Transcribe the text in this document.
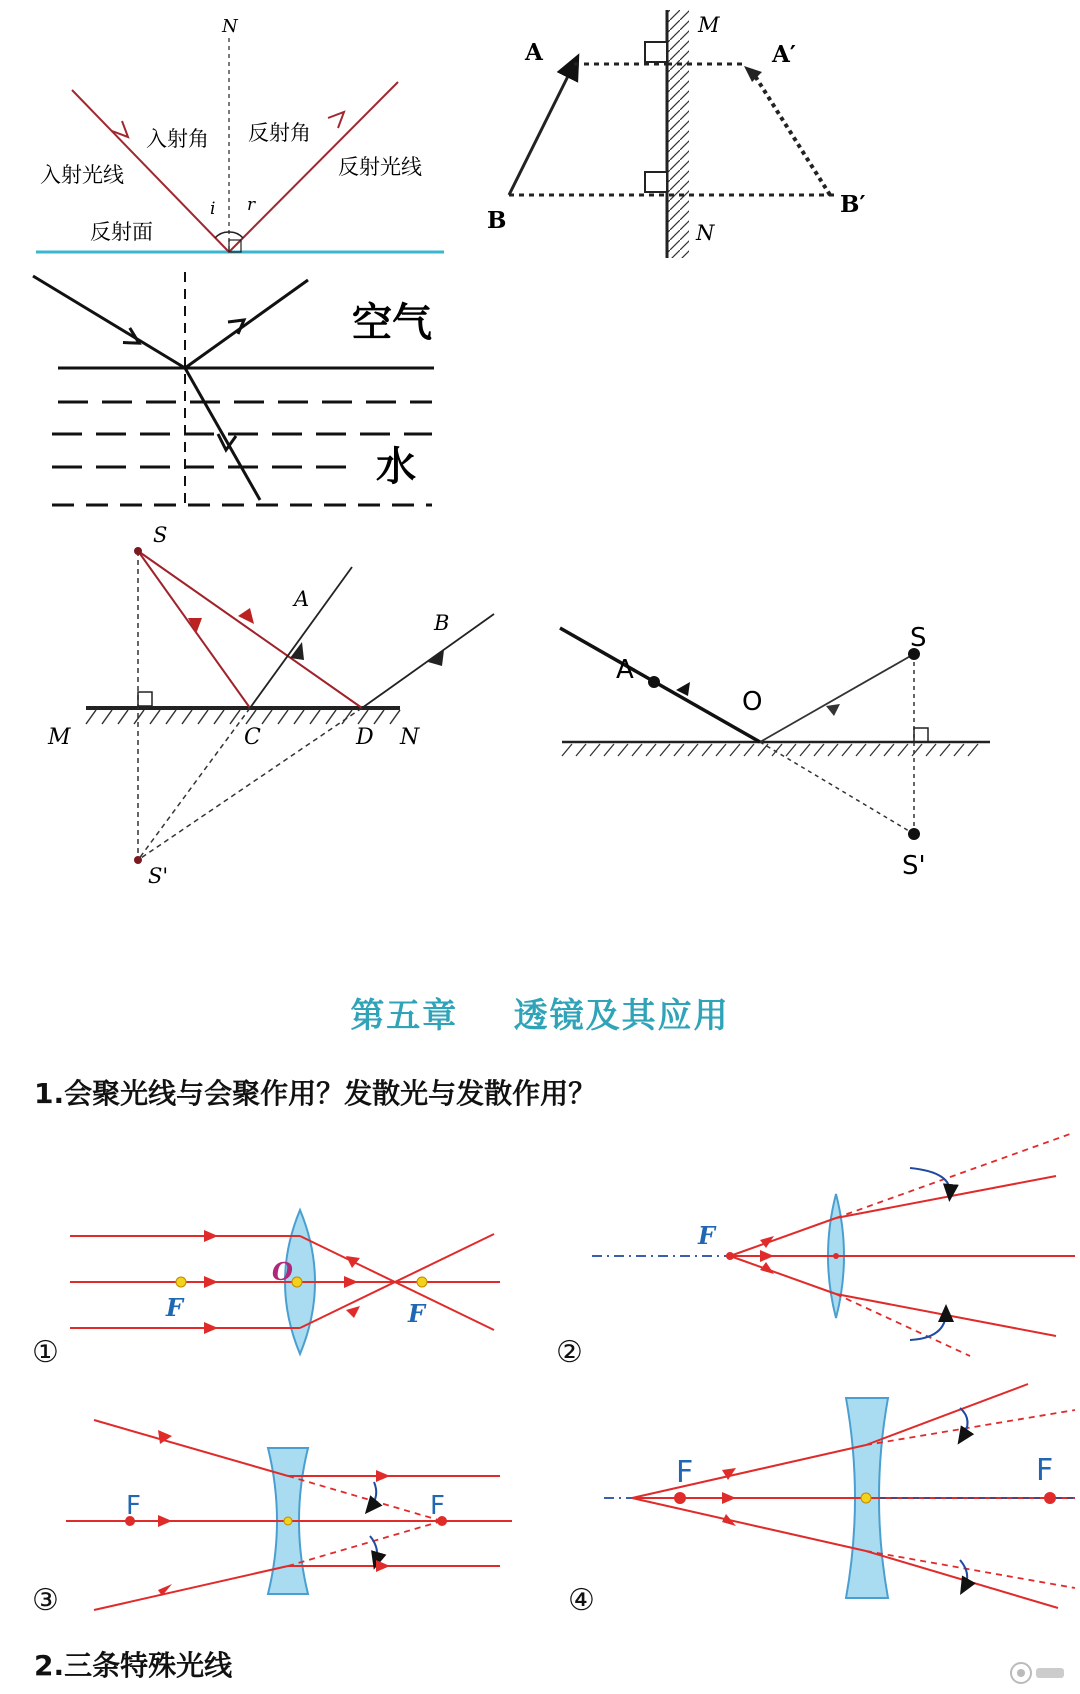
N
入射角 反射角
入射光线	反射光线
反射面
i r
A	A′
B
B′
M
N
空气
水
S
A
B
M	C	D N
S'
A
O
S
S'
F
O
F
①
F
②
F	F
③
F	F
④
第五章    透镜及其应用
1.会聚光线与会聚作用？发散光与发散作用？
2.三条特殊光线
